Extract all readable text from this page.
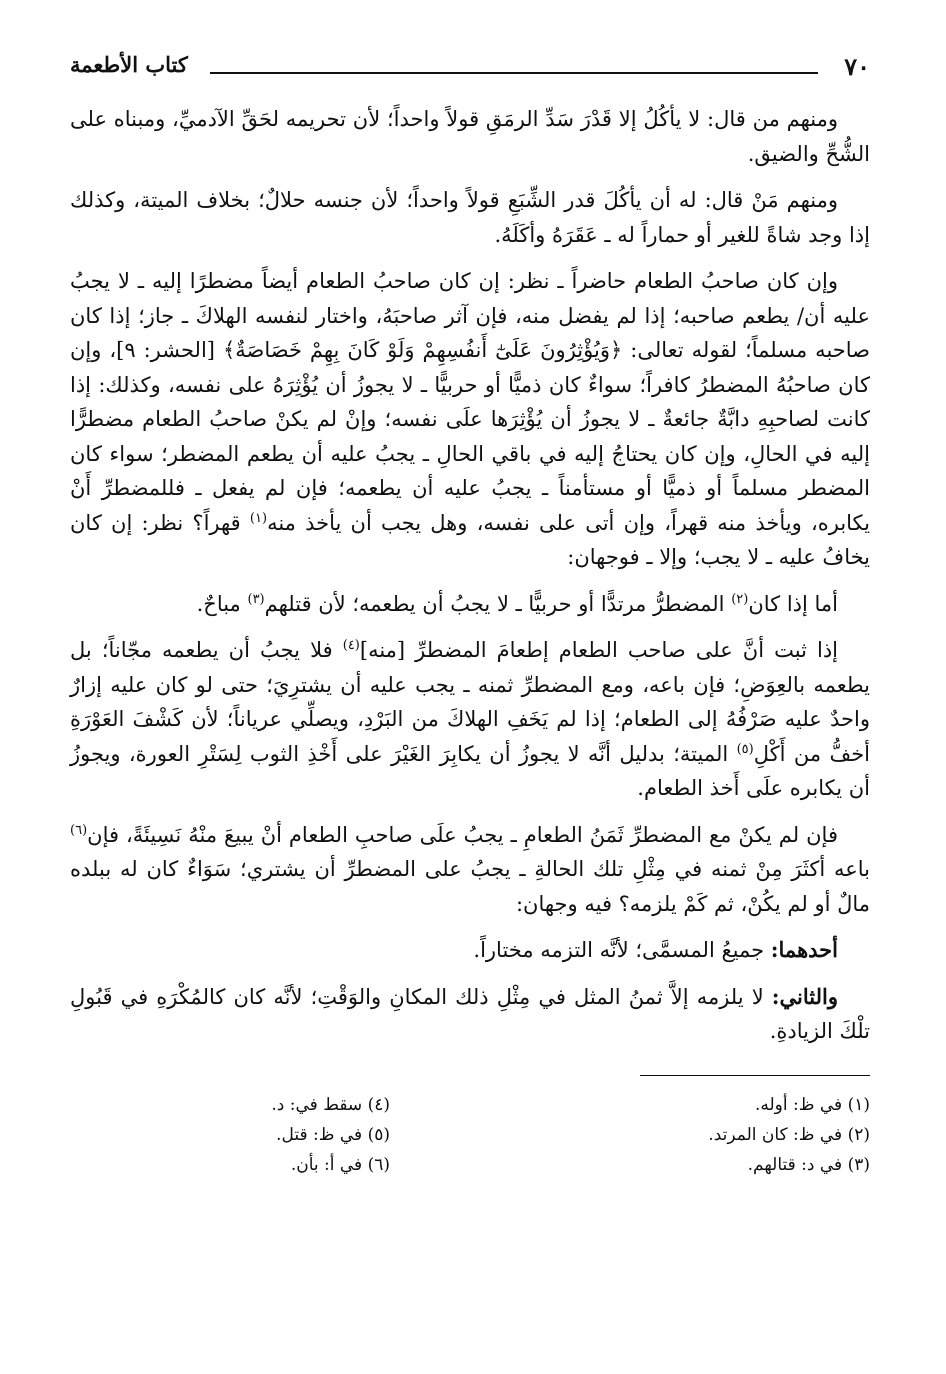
٧٠
كتاب الأطعمة

ومنهم من قال: لا يأكُلُ إلا قَدْرَ سَدِّ الرمَقِ قولاً واحداً؛ لأن تحريمه لحَقِّ الآدميِّ، ومبناه على الشُّحِّ والضيق.

ومنهم مَنْ قال: له أن يأكُلَ قدر الشِّبَعِ قولاً واحداً؛ لأن جنسه حلالٌ؛ بخلاف الميتة، وكذلك إذا وجد شاةً للغير أو حماراً له ـ عَقَرَهُ وأكَلَهُ.

وإن كان صاحبُ الطعام حاضراً ـ نظر: إن كان صاحبُ الطعام أيضاً مضطرًا إليه ـ لا يجبُ عليه أن/ يطعم صاحبه؛ إذا لم يفضل منه، فإن آثر صاحبَهُ، واختار لنفسه الهلاكَ ـ جاز؛ إذا كان صاحبه مسلماً؛ لقوله تعالى: ﴿وَيُؤْثِرُونَ عَلَىٰٓ أَنفُسِهِمْ وَلَوْ كَانَ بِهِمْ خَصَاصَةٌ﴾ [الحشر: ٩]، وإن كان صاحبُهُ المضطرُ كافراً؛ سواءٌ كان ذميًّا أو حربيًّا ـ لا يجوزُ أن يُؤْثِرَهُ على نفسه، وكذلك: إذا كانت لصاحبِهِ دابَّةٌ جائعةٌ ـ لا يجوزُ أن يُؤْثِرَها علَى نفسه؛ وإنْ لم يكنْ صاحبُ الطعام مضطرًّا إليه في الحالِ، وإن كان يحتاجُ إليه في باقي الحالِ ـ يجبُ عليه أن يطعم المضطر؛ سواء كان المضطر مسلماً أو ذميًّا أو مستأمناً ـ يجبُ عليه أن يطعمه؛ فإن لم يفعل ـ فللمضطرِّ أَنْ يكابره، ويأخذ منه قهراً، وإن أتى على نفسه، وهل يجب أن يأخذ منه$^{(١)}$ قهراً؟ نظر: إن كان يخافُ عليه ـ لا يجب؛ وإلا ـ فوجهان:

أما إذا كان$^{(٢)}$ المضطرُّ مرتدًّا أو حربيًّا ـ لا يجبُ أن يطعمه؛ لأن قتلهم$^{(٣)}$ مباحٌ.

إذا ثبت أنَّ على صاحب الطعام إطعامَ المضطرِّ [منه]$^{(٤)}$ فلا يجبُ أن يطعمه مجّاناً؛ بل يطعمه بالعِوَضِ؛ فإن باعه، ومع المضطرِّ ثمنه ـ يجب عليه أن يشترِيَ؛ حتى لو كان عليه إزارٌ واحدٌ عليه صَرْفُهُ إلى الطعام؛ إذا لم يَخَفِ الهلاكَ من البَرْدِ، ويصلِّي عرياناً؛ لأن كَشْفَ العَوْرَةِ أخفُّ من أَكْلِ$^{(٥)}$ الميتة؛ بدليل أنَّه لا يجوزُ أن يكابِرَ الغَيْرَ على أَخْذِ الثوب لِسَتْرِ العورة، ويجوزُ أن يكابره علَى أَخذ الطعام.

فإن لم يكنْ مع المضطرِّ ثَمَنُ الطعامِ ـ يجبُ علَى صاحبِ الطعام أنْ يبيعَ منْهُ نَسِيئَةً، فإن$^{(٦)}$ باعه أكثَرَ مِنْ ثمنه في مِثْلِ تلك الحالةِ ـ يجبُ على المضطرِّ أن يشتري؛ سَوَاءٌ كان له ببلده مالٌ أو لم يكُنْ، ثم كَمْ يلزمه؟ فيه وجهان:

أحدهما: جميعُ المسمَّى؛ لأنَّه التزمه مختاراً.

والثاني: لا يلزمه إلاَّ ثمنُ المثل في مِثْلِ ذلك المكانِ والوَقْتِ؛ لأنَّه كان كالمُكْرَهِ في قَبُولِ تلْكَ الزيادةِ.

(١) في ظ: أوله.
(٢) في ظ: كان المرتد.
(٣) في د: قتالهم.
(٤) سقط في: د.
(٥) في ظ: قتل.
(٦) في أ: بأن.
